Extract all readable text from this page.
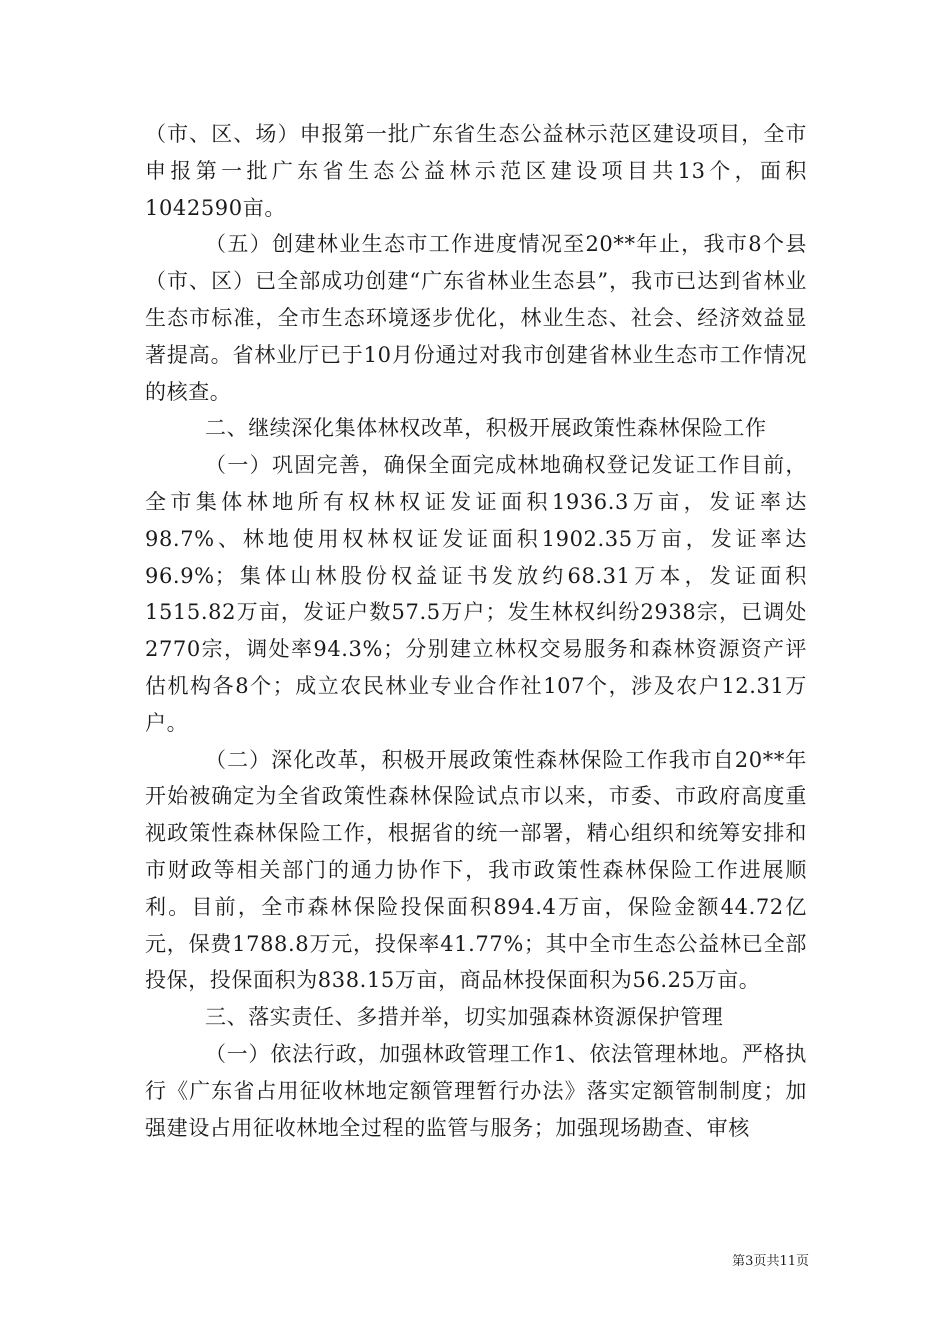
（市、区、场）申报第一批广东省生态公益林示范区建设项目，全市申报第一批广东省生态公益林示范区建设项目共13个，面积1042590亩。

（五）创建林业生态市工作进度情况至20**年止，我市8个县（市、区）已全部成功创建“广东省林业生态县”，我市已达到省林业生态市标准，全市生态环境逐步优化，林业生态、社会、经济效益显著提高。省林业厅已于10月份通过对我市创建省林业生态市工作情况的核查。

二、继续深化集体林权改革，积极开展政策性森林保险工作

（一）巩固完善，确保全面完成林地确权登记发证工作目前，全市集体林地所有权林权证发证面积1936.3万亩，发证率达98.7%、林地使用权林权证发证面积1902.35万亩，发证率达96.9%；集体山林股份权益证书发放约68.31万本，发证面积1515.82万亩，发证户数57.5万户；发生林权纠纷2938宗，已调处2770宗，调处率94.3%；分别建立林权交易服务和森林资源资产评估机构各8个；成立农民林业专业合作社107个，涉及农户12.31万户。

（二）深化改革，积极开展政策性森林保险工作我市自20**年开始被确定为全省政策性森林保险试点市以来，市委、市政府高度重视政策性森林保险工作，根据省的统一部署，精心组织和统筹安排和市财政等相关部门的通力协作下，我市政策性森林保险工作进展顺利。目前，全市森林保险投保面积894.4万亩，保险金额44.72亿元，保费1788.8万元，投保率41.77%；其中全市生态公益林已全部投保，投保面积为838.15万亩，商品林投保面积为56.25万亩。

三、落实责任、多措并举，切实加强森林资源保护管理

（一）依法行政，加强林政管理工作1、依法管理林地。严格执行《广东省占用征收林地定额管理暂行办法》落实定额管制制度；加强建设占用征收林地全过程的监管与服务；加强现场勘查、审核

第3页共11页
